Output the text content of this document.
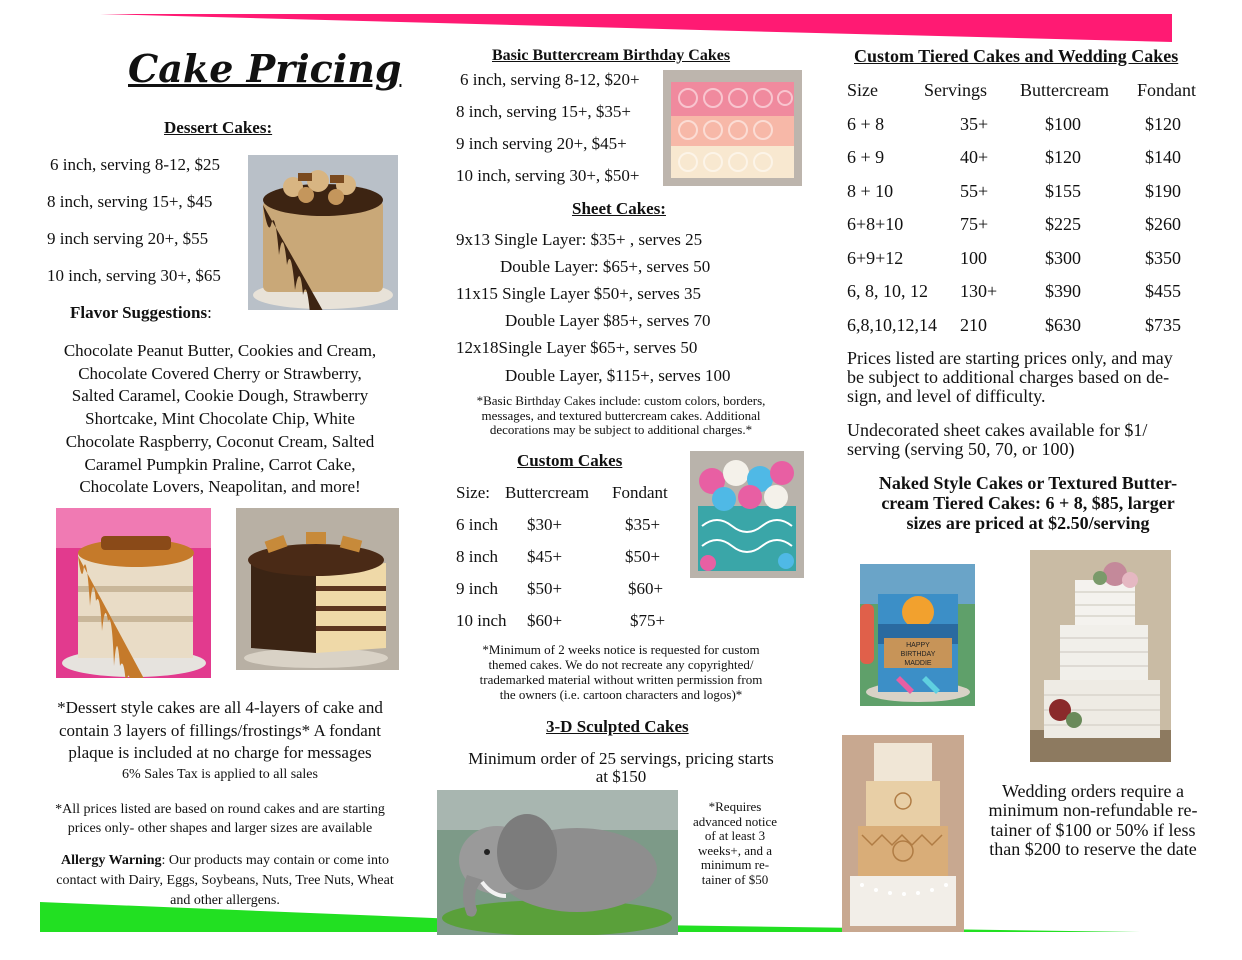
Cake Pricing
Dessert Cakes:
6 inch, serving 8-12, $25
8 inch, serving 15+, $45
9 inch serving 20+, $55
10 inch, serving 30+, $65
Flavor Suggestions:
Chocolate Peanut Butter, Cookies and Cream,
Chocolate Covered Cherry or Strawberry,
Salted Caramel, Cookie Dough, Strawberry
Shortcake, Mint Chocolate Chip, White
Chocolate Raspberry, Coconut Cream, Salted
Caramel Pumpkin Praline, Carrot Cake,
Chocolate Lovers, Neapolitan, and more!
*Dessert style cakes are all 4-layers of cake and
contain 3 layers of fillings/frostings* A fondant
plaque is included at no charge for messages
6% Sales Tax is applied to all sales
*All prices listed are based on round cakes and are starting
prices only- other shapes and larger sizes are available
Allergy Warning: Our products may contain or come into
contact with Dairy, Eggs, Soybeans, Nuts, Tree Nuts, Wheat
and other allergens.
Basic Buttercream Birthday Cakes
6 inch, serving 8-12, $20+
8 inch, serving 15+, $35+
9 inch serving 20+, $45+
10 inch, serving 30+, $50+
Sheet Cakes:
9x13 Single Layer: $35+ , serves 25
Double Layer: $65+, serves 50
11x15 Single Layer $50+, serves 35
Double Layer $85+, serves 70
12x18Single Layer $65+, serves 50
Double Layer, $115+, serves 100
*Basic Birthday Cakes include: custom colors, borders,
messages, and textured buttercream cakes. Additional
decorations may be subject to additional charges.*
Custom Cakes
Size: Buttercream Fondant
6 inch $30+	$35+
8 inch $45+	$50+
9 inch $50+	$60+
10 inch $60+	$75+
*Minimum of 2 weeks notice is requested for custom
themed cakes. We do not recreate any copyrighted/
trademarked material without written permission from
the owners (i.e. cartoon characters and logos)*
3-D Sculpted Cakes
Minimum order of 25 servings, pricing starts
at $150
*Requires
advanced notice
of at least 3
weeks+, and a
minimum re-
tainer of $50
Custom Tiered Cakes and Wedding Cakes
Size	Servings Buttercream Fondant
6 + 8	35+	$100	$120
6 + 9	40+	$120	$140
8 + 10	55+	$155	$190
6+8+10	75+	$225	$260
6+9+12	100	$300	$350
6, 8, 10, 12 130+	$390	$455
6,8,10,12,14 210	$630	$735
Prices listed are starting prices only, and may
be subject to additional charges based on de-
sign, and level of difficulty.
Undecorated sheet cakes available for $1/
serving (serving 50, 70, or 100)
Naked Style Cakes or Textured Butter-
cream Tiered Cakes: 6 + 8, $85, larger
sizes are priced at $2.50/serving
HAPPY
BIRTHDAY
MADDIE
Wedding orders require a
minimum non-refundable re-
tainer of $100 or 50% if less
than $200 to reserve the date
